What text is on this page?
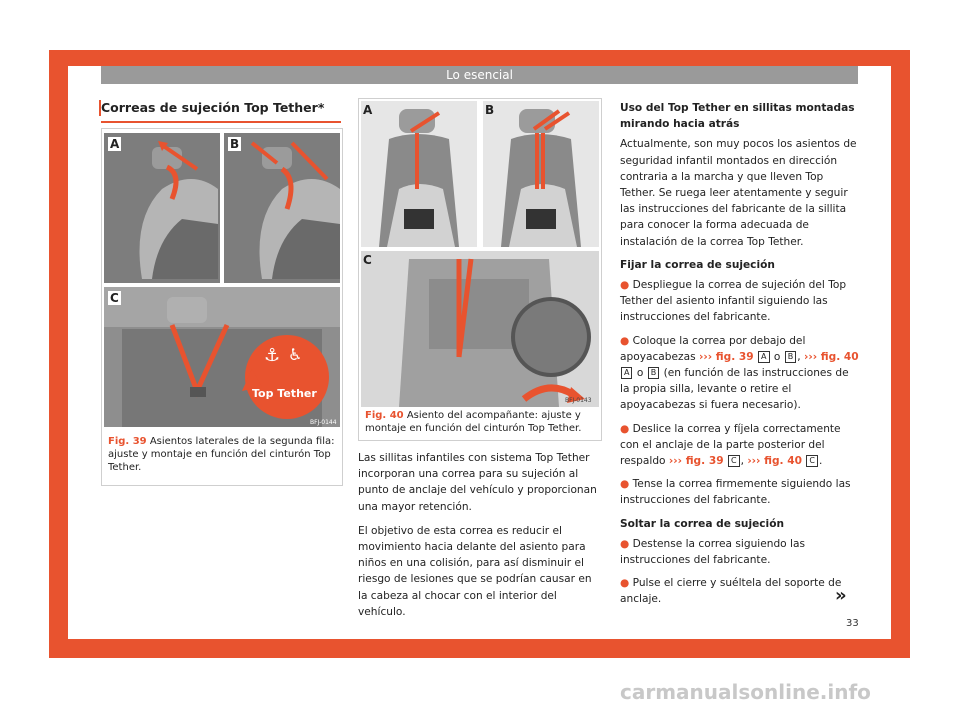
Lo esencial
Correas de sujeción Top Tether*
A	B
C
⚓ ♿
Top Tether
BFJ-0144
Fig. 39 Asientos laterales de la segunda fila: ajuste y montaje en función del cinturón Top Tether.
A	B
C
BFJ-0143
Fig. 40 Asiento del acompañante: ajuste y montaje en función del cinturón Top Tether.

Las sillitas infantiles con sistema Top Tether incorporan una correa para su sujeción al punto de anclaje del vehículo y proporcionan una mayor retención.

El objetivo de esta correa es reducir el movimiento hacia delante del asiento para niños en una colisión, para así disminuir el riesgo de lesiones que se podrían causar en la cabeza al chocar con el interior del vehículo.

Uso del Top Tether en sillitas montadas mirando hacia atrás

Actualmente, son muy pocos los asientos de seguridad infantil montados en dirección contraria a la marcha y que lleven Top Tether. Se ruega leer atentamente y seguir las instrucciones del fabricante de la sillita para conocer la forma adecuada de instalación de la correa Top Tether.

Fijar la correa de sujeción

● Despliegue la correa de sujeción del Top Tether del asiento infantil siguiendo las instrucciones del fabricante.

● Coloque la correa por debajo del apoyacabezas ››› fig. 39 A o B , ››› fig. 40 A o B (en función de las instrucciones de la propia silla, levante o retire el apoyacabezas si fuera necesario).

● Deslice la correa y fíjela correctamente con el anclaje de la parte posterior del respaldo ››› fig. 39 C , ››› fig. 40 C .

● Tense la correa firmemente siguiendo las instrucciones del fabricante.

Soltar la correa de sujeción

● Destense la correa siguiendo las instrucciones del fabricante.

● Pulse el cierre y suéltela del soporte de anclaje.	»
33
carmanualsonline.info
